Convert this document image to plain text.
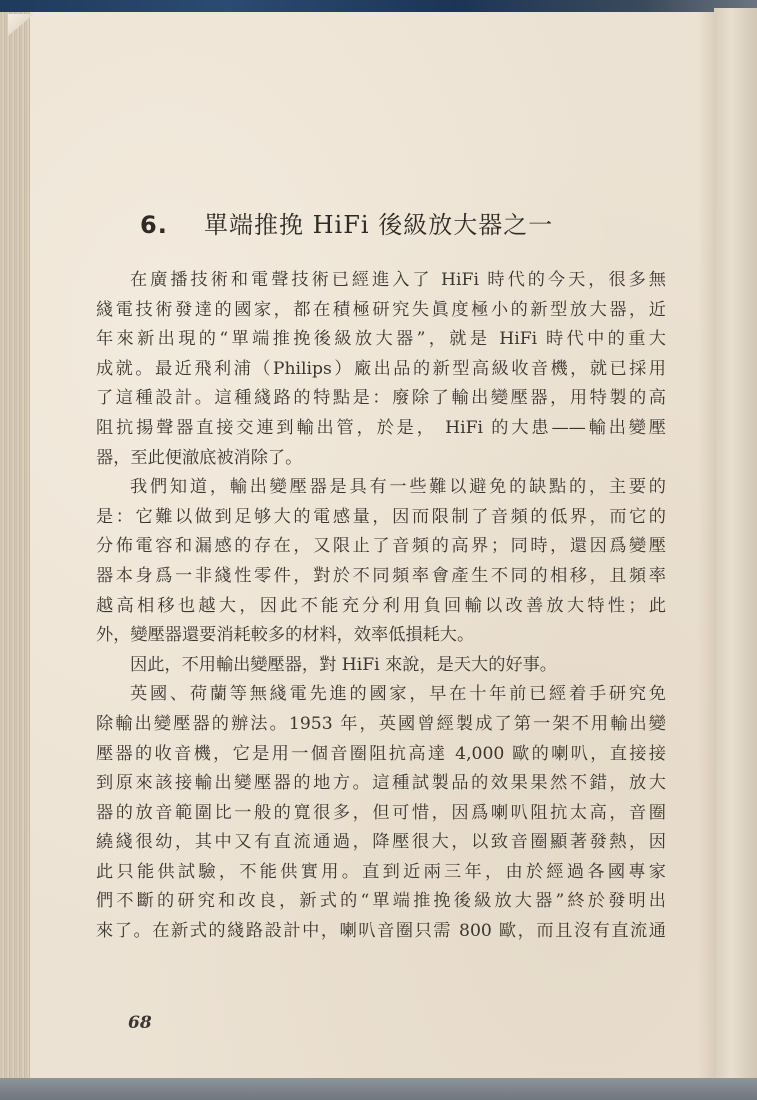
6. 單端推挽 HiFi 後級放大器之一
在廣播技術和電聲技術已經進入了 HiFi 時代的今天，很多無
綫電技術發達的國家，都在積極研究失眞度極小的新型放大器，近
年來新出現的“單端推挽後級放大器”，就是 HiFi 時代中的重大
成就。最近飛利浦（Philips）廠出品的新型高級收音機，就已採用
了這種設計。這種綫路的特點是：廢除了輸出變壓器，用特製的高
阻抗揚聲器直接交連到輸出管，於是， HiFi 的大患——輸出變壓
器，至此便澈底被消除了。
我們知道，輸出變壓器是具有一些難以避免的缺點的，主要的
是：它難以做到足够大的電感量，因而限制了音頻的低界，而它的
分佈電容和漏感的存在，又限止了音頻的高界；同時，還因爲變壓
器本身爲一非綫性零件，對於不同頻率會產生不同的相移，且頻率
越高相移也越大，因此不能充分利用負回輸以改善放大特性；此
外，變壓器還要消耗較多的材料，效率低損耗大。
因此，不用輸出變壓器，對 HiFi 來說，是天大的好事。
英國、荷蘭等無綫電先進的國家，早在十年前已經着手研究免
除輸出變壓器的辦法。1953 年，英國曾經製成了第一架不用輸出變
壓器的收音機，它是用一個音圈阻抗高達 4,000 歐的喇叭，直接接
到原來該接輸出變壓器的地方。這種試製品的效果果然不錯，放大
器的放音範圍比一般的寬很多，但可惜，因爲喇叭阻抗太高，音圈
繞綫很幼，其中又有直流通過，降壓很大，以致音圈顯著發熱，因
此只能供試驗，不能供實用。直到近兩三年，由於經過各國專家
們不斷的研究和改良，新式的“單端推挽後級放大器”終於發明出
來了。在新式的綫路設計中，喇叭音圈只需 800 歐，而且沒有直流通
68
